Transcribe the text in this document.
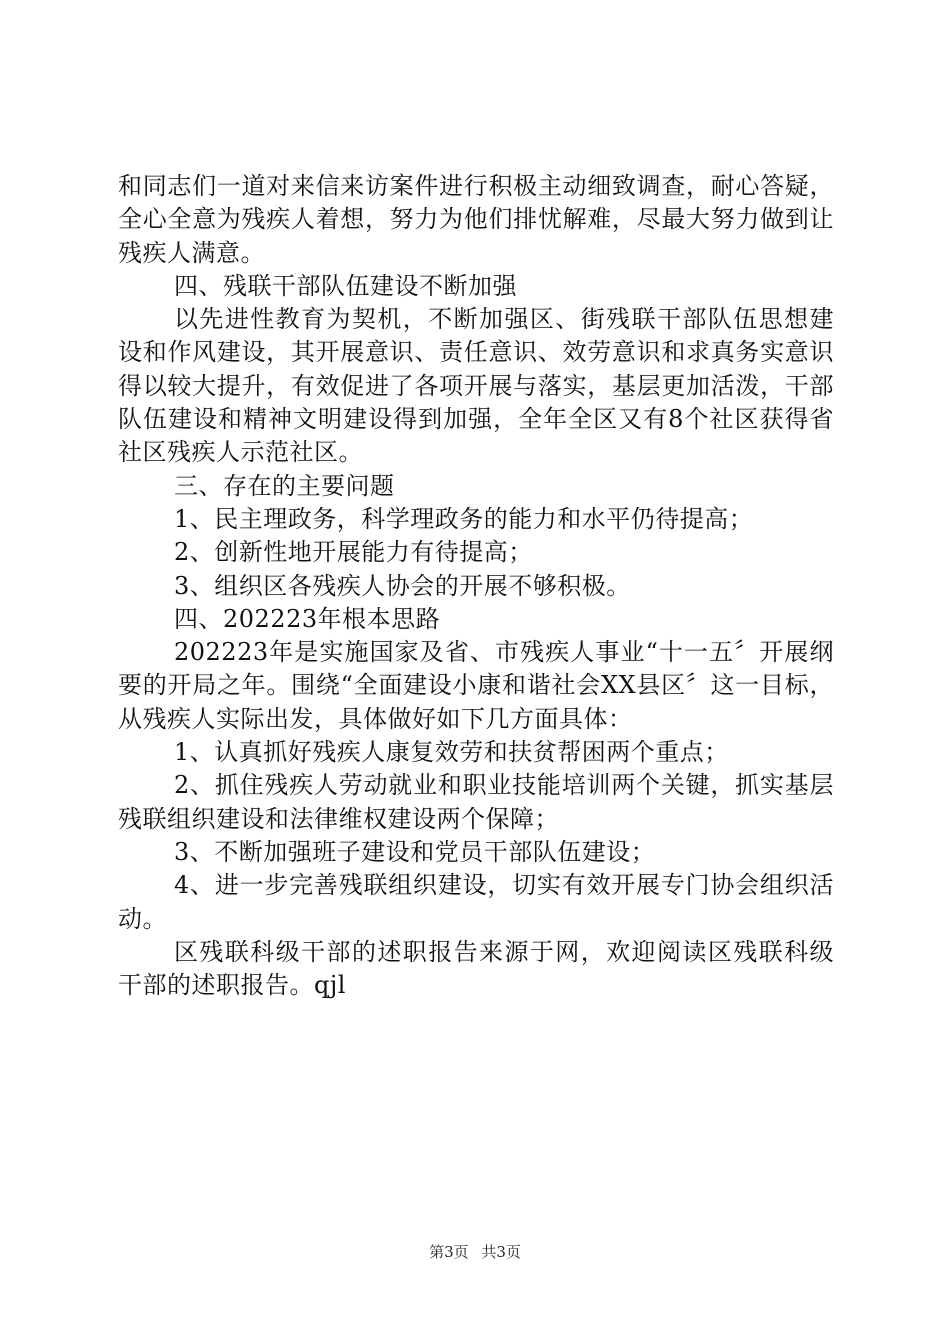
和同志们一道对来信来访案件进行积极主动细致调查，耐心答疑，全心全意为残疾人着想，努力为他们排忧解难，尽最大努力做到让残疾人满意。

四、残联干部队伍建设不断加强

以先进性教育为契机，不断加强区、街残联干部队伍思想建设和作风建设，其开展意识、责任意识、效劳意识和求真务实意识得以较大提升，有效促进了各项开展与落实，基层更加活泼，干部队伍建设和精神文明建设得到加强，全年全区又有8个社区获得省社区残疾人示范社区。

三、存在的主要问题

1、民主理政务，科学理政务的能力和水平仍待提高；

2、创新性地开展能力有待提高；

3、组织区各残疾人协会的开展不够积极。

四、202223年根本思路

202223年是实施国家及省、市残疾人事业“十一五〞开展纲要的开局之年。围绕“全面建设小康和谐社会XX县区〞这一目标，从残疾人实际出发，具体做好如下几方面具体：

1、认真抓好残疾人康复效劳和扶贫帮困两个重点；

2、抓住残疾人劳动就业和职业技能培训两个关键，抓实基层残联组织建设和法律维权建设两个保障；

3、不断加强班子建设和党员干部队伍建设；

4、进一步完善残联组织建设，切实有效开展专门协会组织活动。

区残联科级干部的述职报告来源于网，欢迎阅读区残联科级干部的述职报告。qjl

第3页 共3页
